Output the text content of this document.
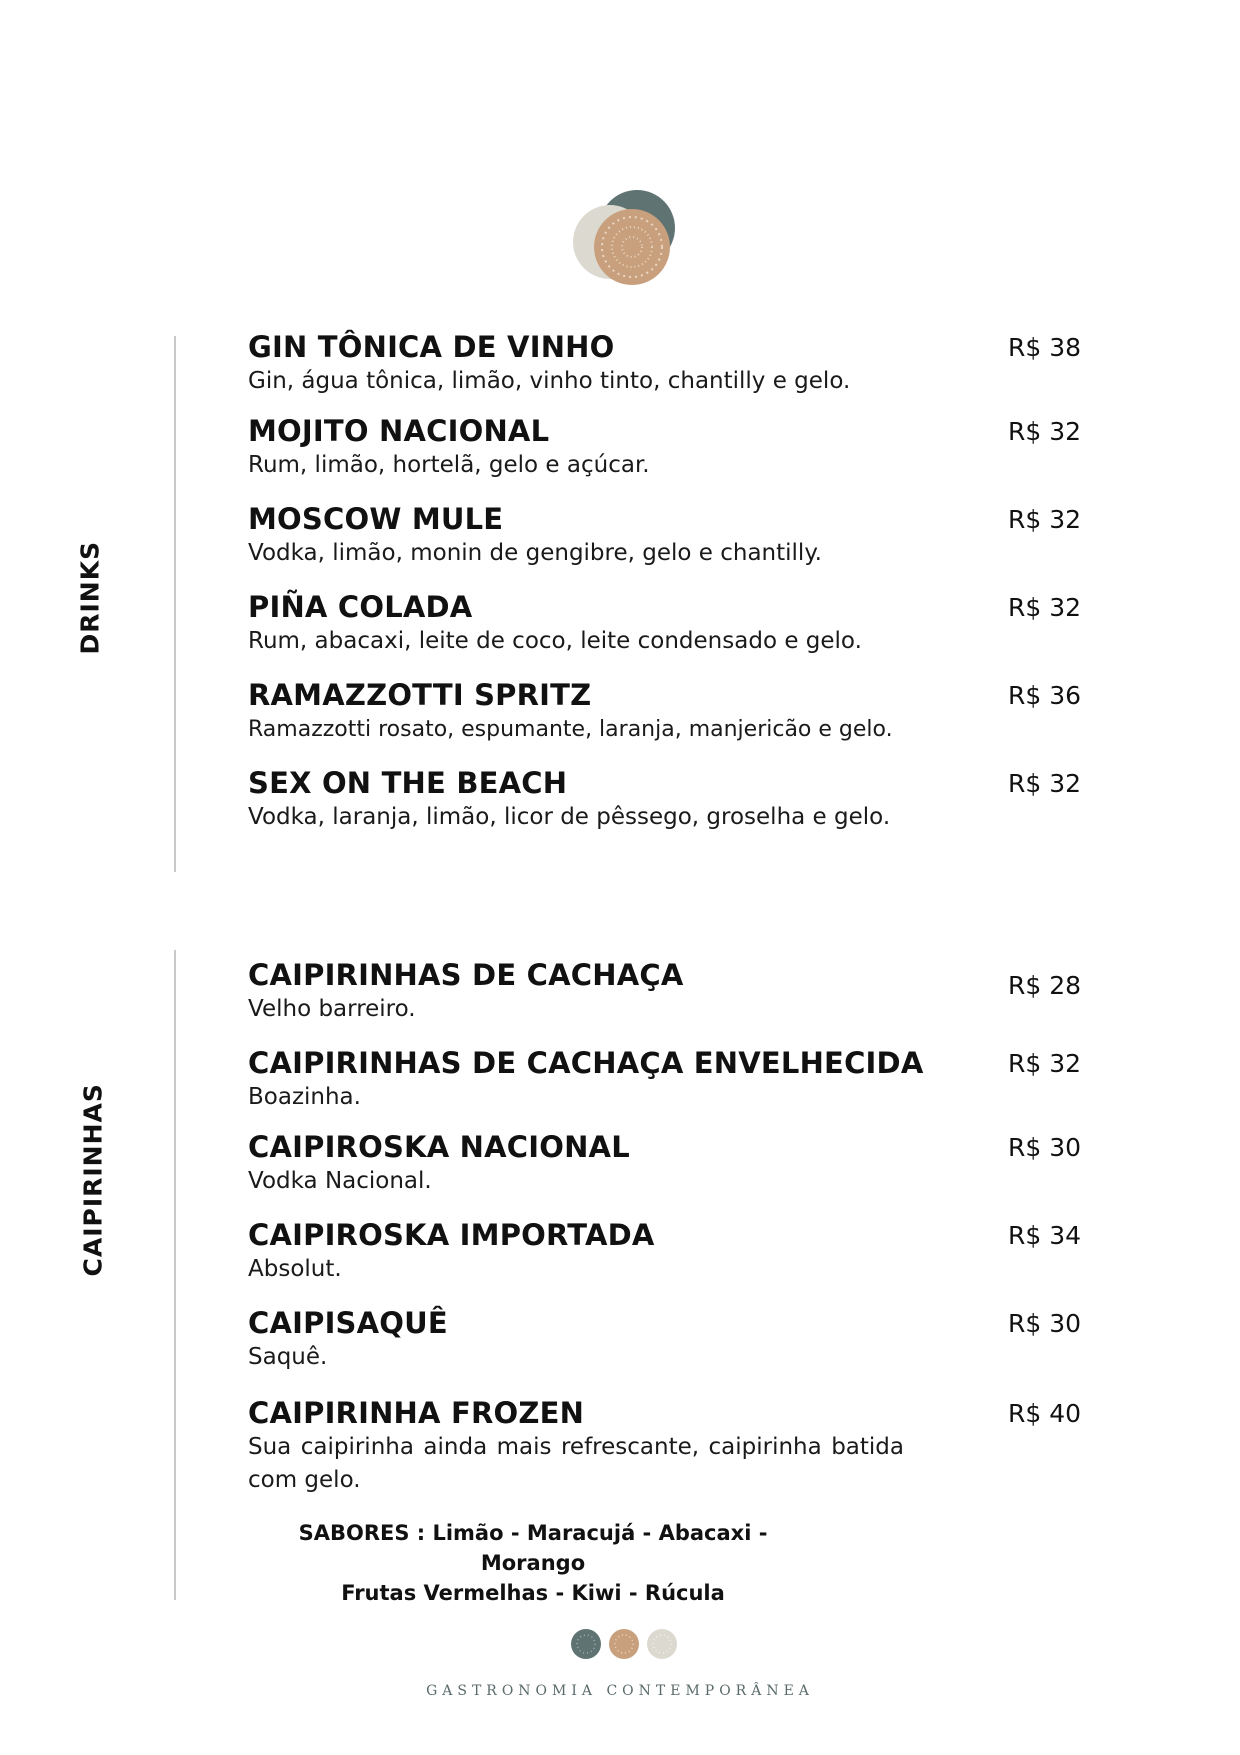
DRINKS
CAIPIRINHAS
GIN TÔNICA DE VINHO
Gin, água tônica, limão, vinho tinto, chantilly e gelo.
R$ 38
MOJITO NACIONAL
Rum, limão, hortelã, gelo e açúcar.
R$ 32
MOSCOW MULE
Vodka, limão, monin de gengibre, gelo e chantilly.
R$ 32
PIÑA COLADA
Rum, abacaxi, leite de coco, leite condensado e gelo.
R$ 32
RAMAZZOTTI SPRITZ
Ramazzotti rosato, espumante, laranja, manjericão e gelo.
R$ 36
SEX ON THE BEACH
Vodka, laranja, limão, licor de pêssego, groselha e gelo.
R$ 32
CAIPIRINHAS DE CACHAÇA
Velho barreiro.
R$ 28
CAIPIRINHAS DE CACHAÇA ENVELHECIDA
Boazinha.
R$ 32
CAIPIROSKA NACIONAL
Vodka Nacional.
R$ 30
CAIPIROSKA IMPORTADA
Absolut.
R$ 34
CAIPISAQUÊ
Saquê.
R$ 30
CAIPIRINHA FROZEN
Sua caipirinha ainda mais refrescante, caipirinha batida com gelo.
R$ 40
SABORES : Limão - Maracujá - Abacaxi - Morango
Frutas Vermelhas - Kiwi - Rúcula
GASTRONOMIA CONTEMPORÂNEA
